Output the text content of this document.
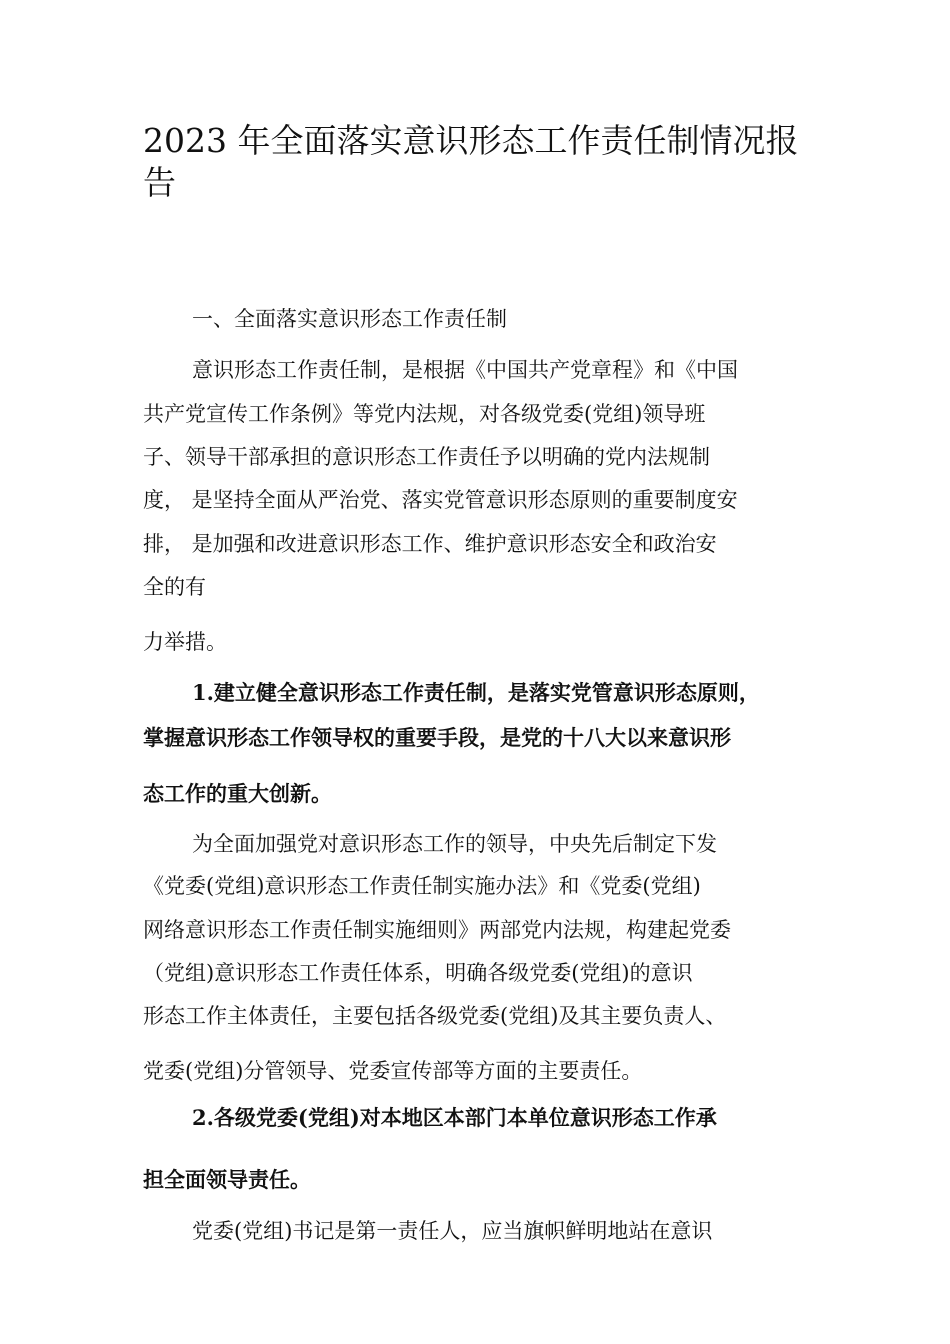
2023 年全面落实意识形态工作责任制情况报告
一、全面落实意识形态工作责任制
意识形态工作责任制，是根据《中国共产党章程》和《中国
共产党宣传工作条例》等党内法规，对各级党委(党组)领导班
子、领导干部承担的意识形态工作责任予以明确的党内法规制
度， 是坚持全面从严治党、落实党管意识形态原则的重要制度安
排， 是加强和改进意识形态工作、维护意识形态安全和政治安
全的有
力举措。
1.建立健全意识形态工作责任制，是落实党管意识形态原则，
掌握意识形态工作领导权的重要手段，是党的十八大以来意识形
态工作的重大创新。
为全面加强党对意识形态工作的领导，中央先后制定下发
《党委(党组)意识形态工作责任制实施办法》和《党委(党组)
网络意识形态工作责任制实施细则》两部党内法规，构建起党委
（党组)意识形态工作责任体系，明确各级党委(党组)的意识
形态工作主体责任，主要包括各级党委(党组)及其主要负责人、
党委(党组)分管领导、党委宣传部等方面的主要责任。
2.各级党委(党组)对本地区本部门本单位意识形态工作承
担全面领导责任。
党委(党组)书记是第一责任人，应当旗帜鲜明地站在意识
